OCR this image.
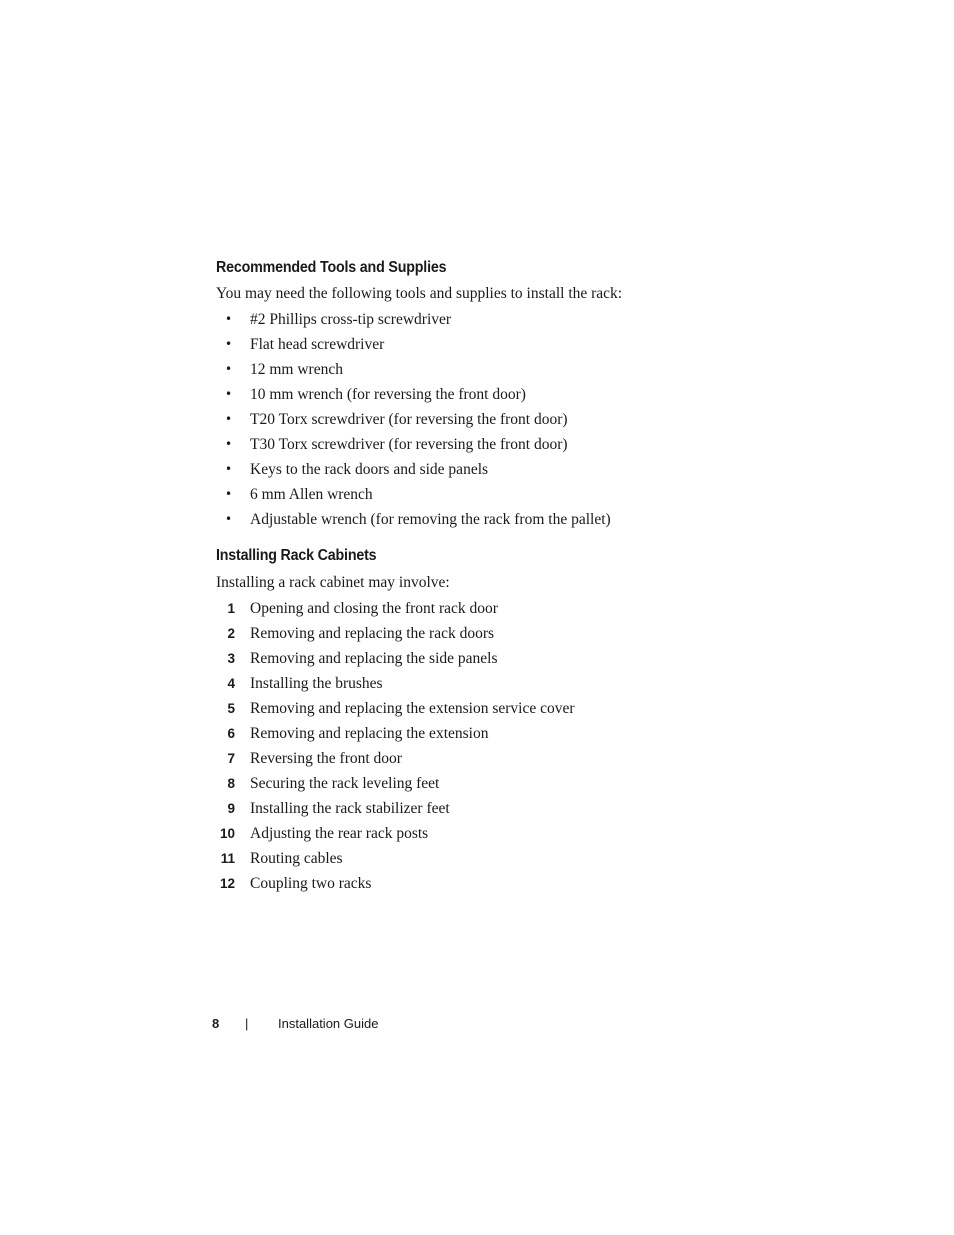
Recommended Tools and Supplies
You may need the following tools and supplies to install the rack:
• #2 Phillips cross-tip screwdriver
• Flat head screwdriver
• 12 mm wrench
• 10 mm wrench (for reversing the front door)
• T20 Torx screwdriver (for reversing the front door)
• T30 Torx screwdriver (for reversing the front door)
• Keys to the rack doors and side panels
• 6 mm Allen wrench
• Adjustable wrench (for removing the rack from the pallet)
Installing Rack Cabinets
Installing a rack cabinet may involve:
1 Opening and closing the front rack door
2 Removing and replacing the rack doors
3 Removing and replacing the side panels
4 Installing the brushes
5 Removing and replacing the extension service cover
6 Removing and replacing the extension
7 Reversing the front door
8 Securing the rack leveling feet
9 Installing the rack stabilizer feet
10 Adjusting the rear rack posts
11 Routing cables
12 Coupling two racks
8 | Installation Guide
